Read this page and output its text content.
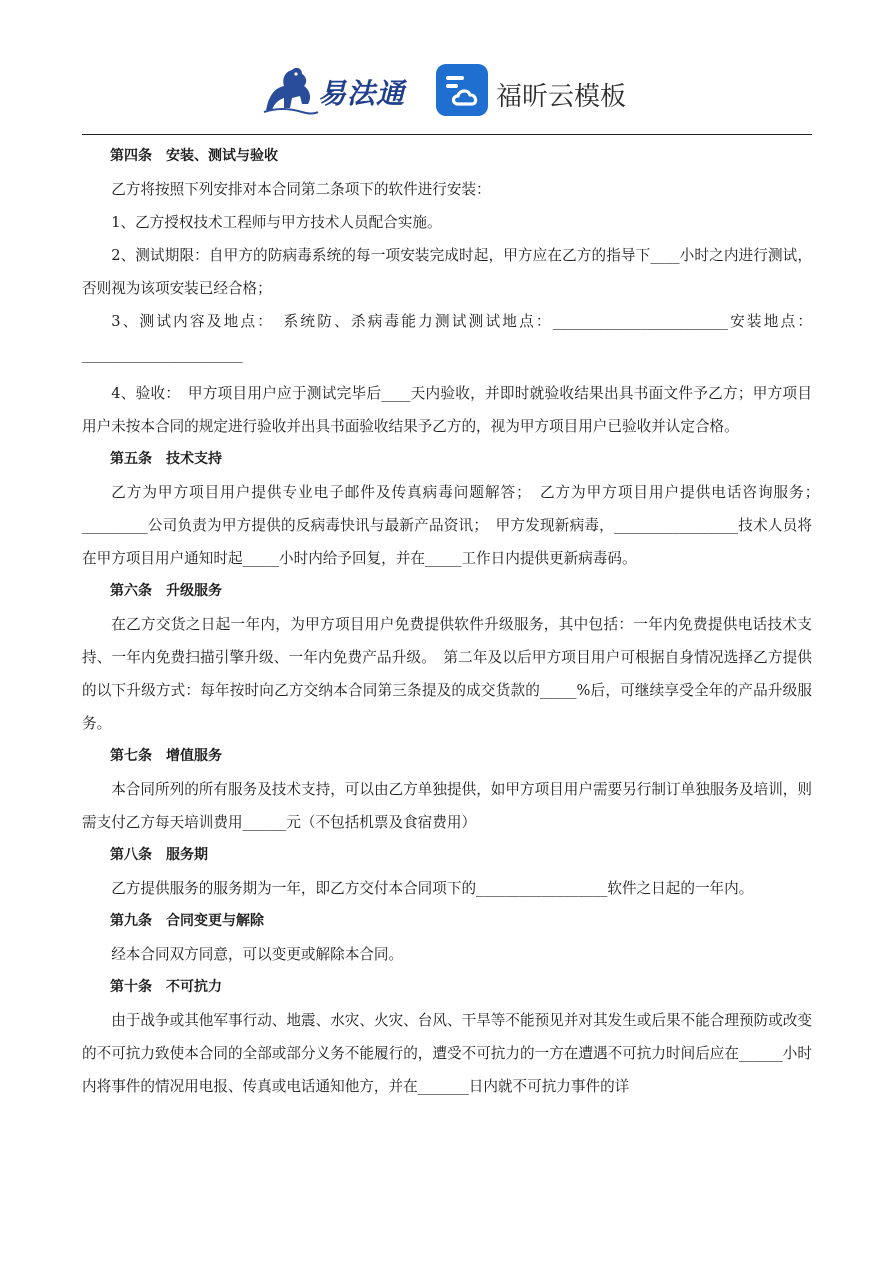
易法通	福昕云模板

第四条　安装、测试与验收

乙方将按照下列安排对本合同第二条项下的软件进行安装：

1、乙方授权技术工程师与甲方技术人员配合实施。

2、测试期限：自甲方的防病毒系统的每一项安装完成时起，甲方应在乙方的指导下____小时之内进行测试，否则视为该项安装已经合格；

3、测试内容及地点：　系统防、杀病毒能力测试测试地点：________________________安装地点：______________________

4、验收：　甲方项目用户应于测试完毕后____天内验收，并即时就验收结果出具书面文件予乙方；甲方项目用户未按本合同的规定进行验收并出具书面验收结果予乙方的，视为甲方项目用户已验收并认定合格。

第五条　技术支持

乙方为甲方项目用户提供专业电子邮件及传真病毒问题解答；　乙方为甲方项目用户提供电话咨询服务；　_________公司负责为甲方提供的反病毒快讯与最新产品资讯；　甲方发现新病毒，_________________技术人员将在甲方项目用户通知时起_____小时内给予回复，并在_____工作日内提供更新病毒码。

第六条　升级服务

在乙方交货之日起一年内，为甲方项目用户免费提供软件升级服务，其中包括：一年内免费提供电话技术支持、一年内免费扫描引擎升级、一年内免费产品升级。　第二年及以后甲方项目用户可根据自身情况选择乙方提供的以下升级方式：每年按时向乙方交纳本合同第三条提及的成交货款的_____%后，可继续享受全年的产品升级服务。

第七条　增值服务

本合同所列的所有服务及技术支持，可以由乙方单独提供，如甲方项目用户需要另行制订单独服务及培训，则需支付乙方每天培训费用______元（不包括机票及食宿费用）

第八条　服务期

乙方提供服务的服务期为一年，即乙方交付本合同项下的__________________软件之日起的一年内。

第九条　合同变更与解除

经本合同双方同意，可以变更或解除本合同。

第十条　不可抗力

由于战争或其他军事行动、地震、水灾、火灾、台风、干旱等不能预见并对其发生或后果不能合理预防或改变的不可抗力致使本合同的全部或部分义务不能履行的，遭受不可抗力的一方在遭遇不可抗力时间后应在______小时内将事件的情况用电报、传真或电话通知他方，并在_______日内就不可抗力事件的详
